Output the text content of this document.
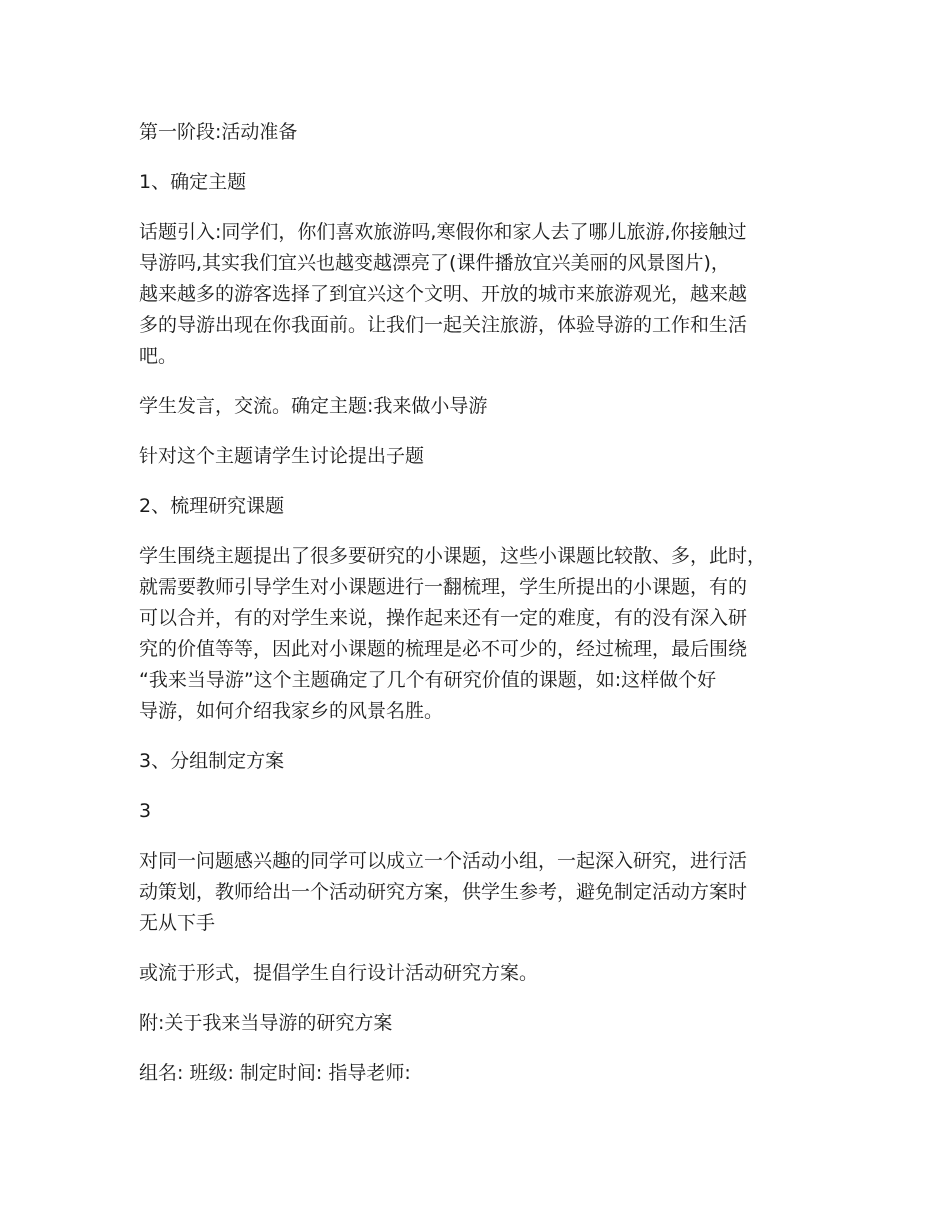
第一阶段:活动准备

1、确定主题

话题引入:同学们，你们喜欢旅游吗,寒假你和家人去了哪儿旅游,你接触过
导游吗,其实我们宜兴也越变越漂亮了(课件播放宜兴美丽的风景图片)，
越来越多的游客选择了到宜兴这个文明、开放的城市来旅游观光，越来越
多的导游出现在你我面前。让我们一起关注旅游，体验导游的工作和生活
吧。

学生发言，交流。确定主题:我来做小导游

针对这个主题请学生讨论提出子题

2、梳理研究课题

学生围绕主题提出了很多要研究的小课题，这些小课题比较散、多，此时，
就需要教师引导学生对小课题进行一翻梳理，学生所提出的小课题，有的
可以合并，有的对学生来说，操作起来还有一定的难度，有的没有深入研
究的价值等等，因此对小课题的梳理是必不可少的，经过梳理，最后围绕
“我来当导游”这个主题确定了几个有研究价值的课题，如:这样做个好
导游，如何介绍我家乡的风景名胜。

3、分组制定方案

3

对同一问题感兴趣的同学可以成立一个活动小组，一起深入研究，进行活
动策划，教师给出一个活动研究方案，供学生参考，避免制定活动方案时
无从下手

或流于形式，提倡学生自行设计活动研究方案。

附:关于我来当导游的研究方案

组名: 班级: 制定时间: 指导老师:
